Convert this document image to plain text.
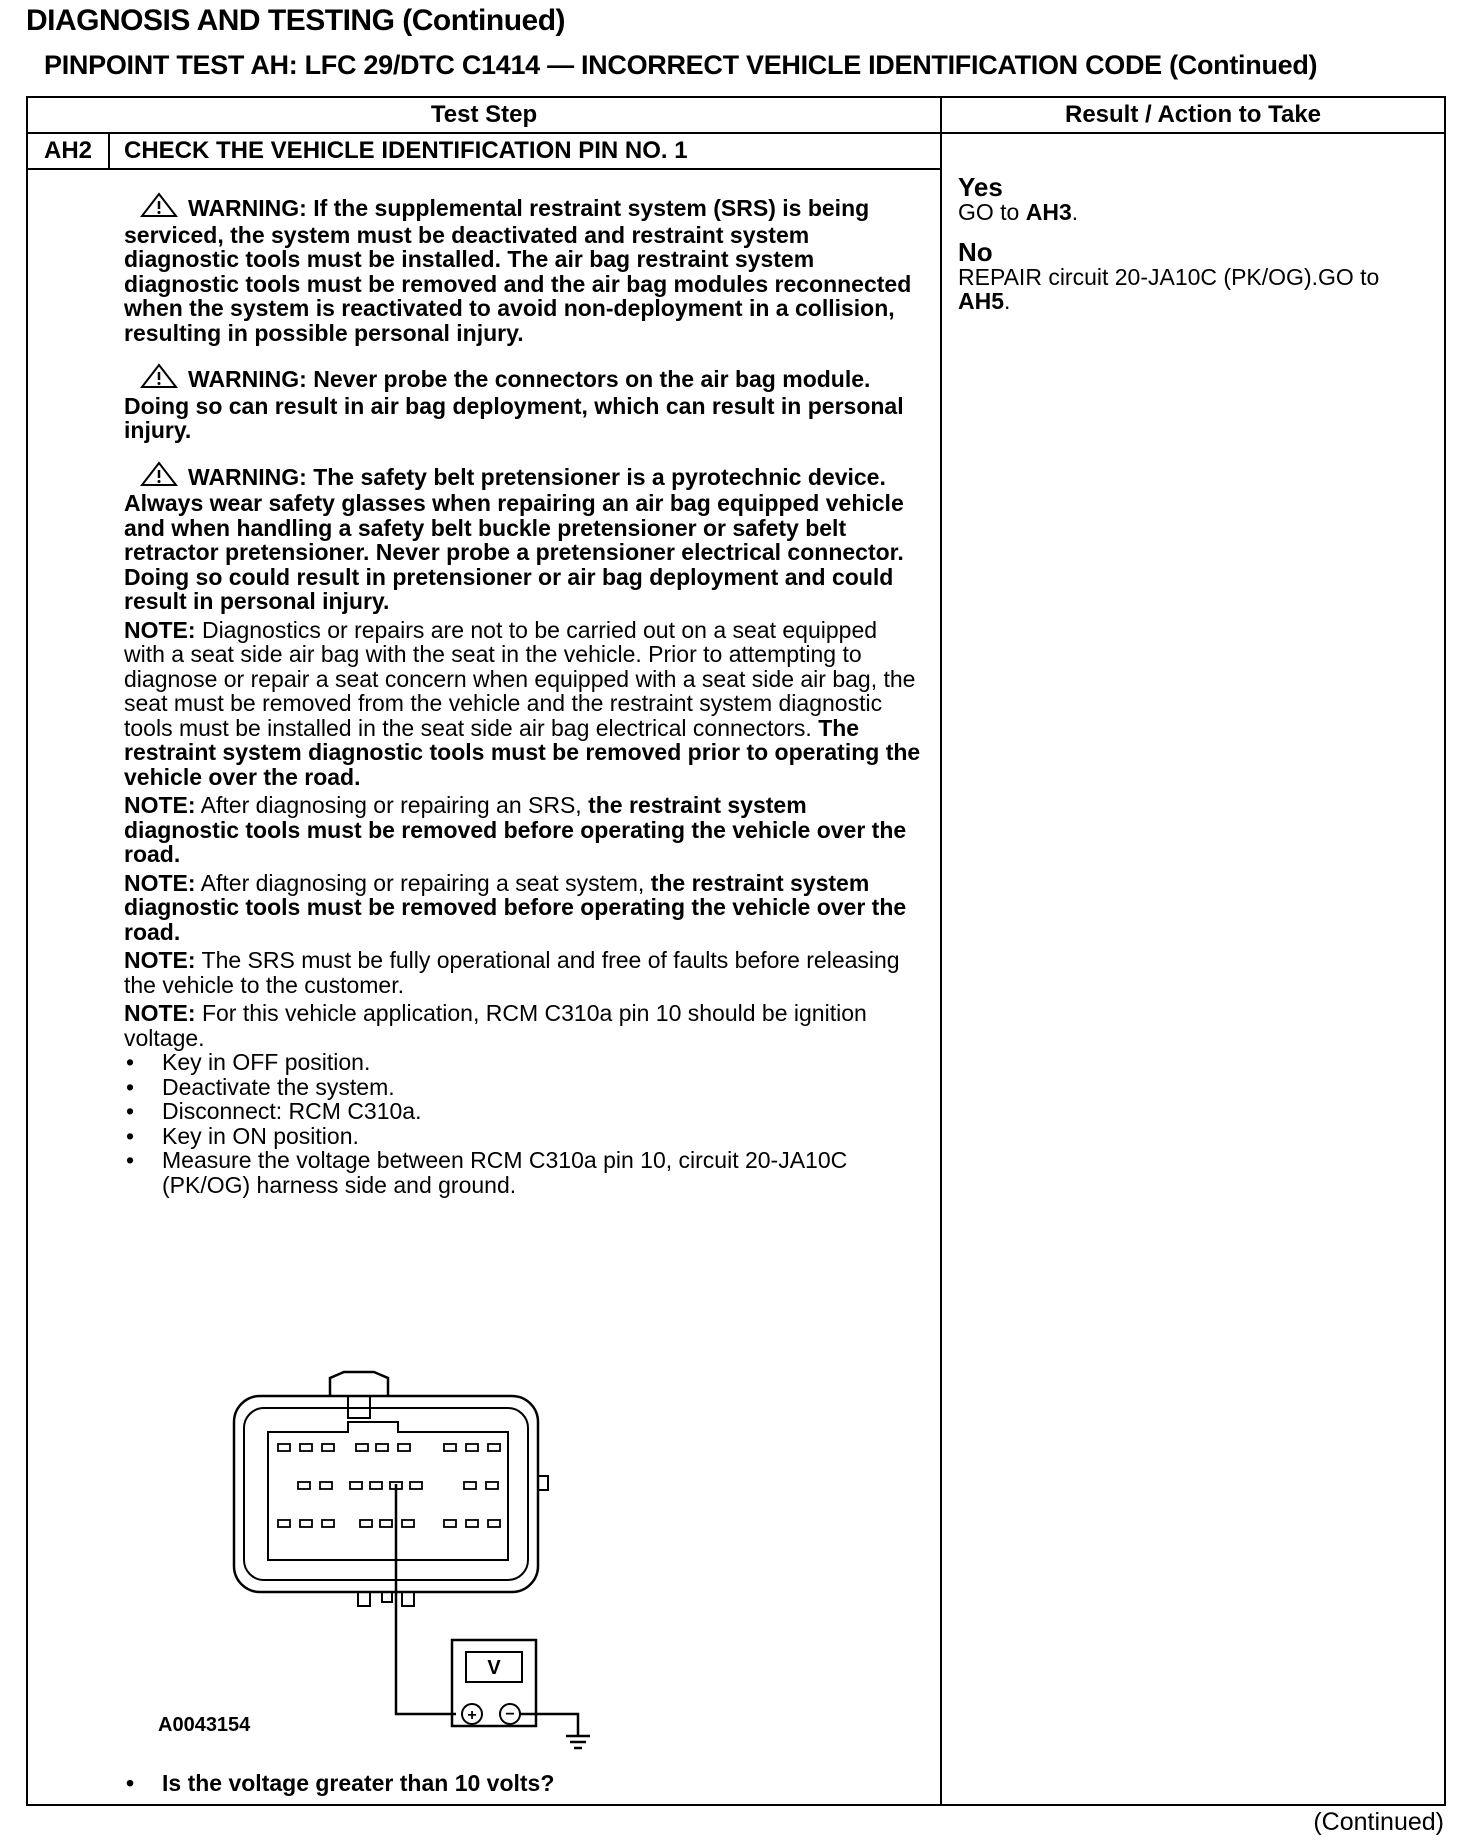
DIAGNOSIS AND TESTING (Continued)
PINPOINT TEST AH: LFC 29/DTC C1414 — INCORRECT VEHICLE IDENTIFICATION CODE (Continued)
Test Step	Result / Action to Take
AH2	CHECK THE VEHICLE IDENTIFICATION PIN NO. 1

WARNING: If the supplemental restraint system (SRS) is being serviced, the system must be deactivated and restraint system diagnostic tools must be installed. The air bag restraint system diagnostic tools must be removed and the air bag modules reconnected when the system is reactivated to avoid non-deployment in a collision, resulting in possible personal injury.

WARNING: Never probe the connectors on the air bag module. Doing so can result in air bag deployment, which can result in personal injury.

WARNING: The safety belt pretensioner is a pyrotechnic device. Always wear safety glasses when repairing an air bag equipped vehicle and when handling a safety belt buckle pretensioner or safety belt retractor pretensioner. Never probe a pretensioner electrical connector. Doing so could result in pretensioner or air bag deployment and could result in personal injury.

NOTE: Diagnostics or repairs are not to be carried out on a seat equipped with a seat side air bag with the seat in the vehicle. Prior to attempting to diagnose or repair a seat concern when equipped with a seat side air bag, the seat must be removed from the vehicle and the restraint system diagnostic tools must be installed in the seat side air bag electrical connectors. The restraint system diagnostic tools must be removed prior to operating the vehicle over the road.

NOTE: After diagnosing or repairing an SRS, the restraint system diagnostic tools must be removed before operating the vehicle over the road.

NOTE: After diagnosing or repairing a seat system, the restraint system diagnostic tools must be removed before operating the vehicle over the road.

NOTE: The SRS must be fully operational and free of faults before releasing the vehicle to the customer.

NOTE: For this vehicle application, RCM C310a pin 10 should be ignition voltage.

• Key in OFF position.
• Deactivate the system.
• Disconnect: RCM C310a.
• Key in ON position.
• Measure the voltage between RCM C310a pin 10, circuit 20-JA10C (PK/OG) harness side and ground.
V
+ −
A0043154
• Is the voltage greater than 10 volts?
Yes
GO to AH3.
No
REPAIR circuit 20-JA10C (PK/OG).GO to AH5.
(Continued)
